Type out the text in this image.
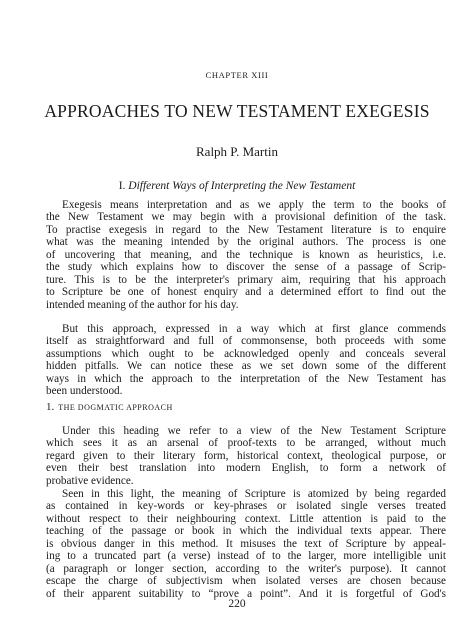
CHAPTER XIII
APPROACHES TO NEW TESTAMENT EXEGESIS
Ralph P. Martin
I. Different Ways of Interpreting the New Testament
Exegesis means interpretation and as we apply the term to the books of
the New Testament we may begin with a provisional definition of the task.
To practise exegesis in regard to the New Testament literature is to enquire
what was the meaning intended by the original authors. The process is one
of uncovering that meaning, and the technique is known as heuristics, i.e.
the study which explains how to discover the sense of a passage of Scrip-
ture. This is to be the interpreter's primary aim, requiring that his approach
to Scripture be one of honest enquiry and a determined effort to find out the
intended meaning of the author for his day.
But this approach, expressed in a way which at first glance commends
itself as straightforward and full of commonsense, both proceeds with some
assumptions which ought to be acknowledged openly and conceals several
hidden pitfalls. We can notice these as we set down some of the different
ways in which the approach to the interpretation of the New Testament has
been understood.
1. THE DOGMATIC APPROACH
Under this heading we refer to a view of the New Testament Scripture
which sees it as an arsenal of proof-texts to be arranged, without much
regard given to their literary form, historical context, theological purpose, or
even their best translation into modern English, to form a network of
probative evidence.
Seen in this light, the meaning of Scripture is atomized by being regarded
as contained in key-words or key-phrases or isolated single verses treated
without respect to their neighbouring context. Little attention is paid to the
teaching of the passage or book in which the individual texts appear. There
is obvious danger in this method. It misuses the text of Scripture by appeal-
ing to a truncated part (a verse) instead of to the larger, more intelligible unit
(a paragraph or longer section, according to the writer's purpose). It cannot
escape the charge of subjectivism when isolated verses are chosen because
of their apparent suitability to “prove a point”. And it is forgetful of God's
220
